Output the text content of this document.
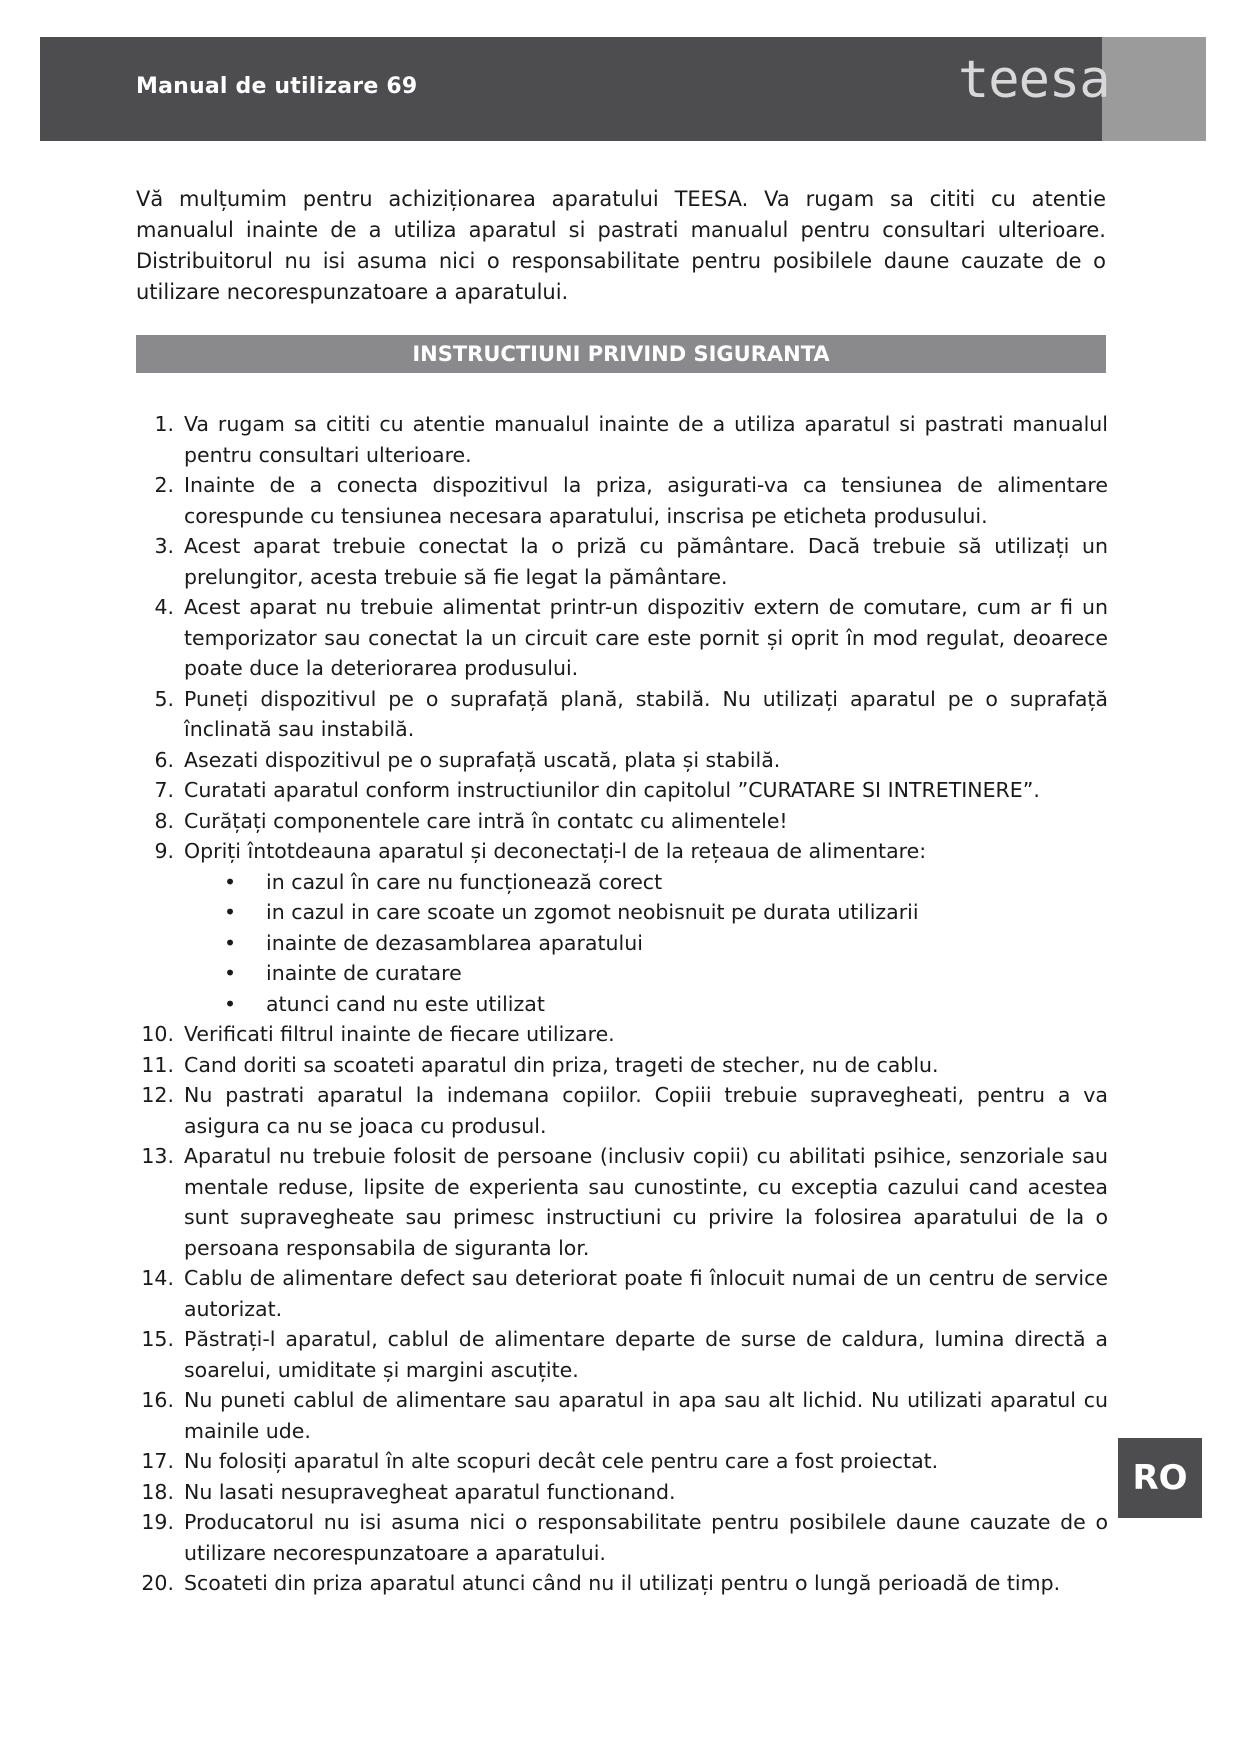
Manual de utilizare 69	teesa

Vă mulțumim pentru achiziționarea aparatului TEESA. Va rugam sa cititi cu atentie manualul inainte de a utiliza aparatul si pastrati manualul pentru consultari ulterioare. Distribuitorul nu isi asuma nici o responsabilitate pentru posibilele daune cauzate de o utilizare necorespunzatoare a aparatului.

INSTRUCTIUNI PRIVIND SIGURANTA
1. Va rugam sa cititi cu atentie manualul inainte de a utiliza aparatul si pastrati manualul pentru consultari ulterioare.
2. Inainte de a conecta dispozitivul la priza, asigurati-va ca tensiunea de alimentare corespunde cu tensiunea necesara aparatului, inscrisa pe eticheta produsului.
3. Acest aparat trebuie conectat la o priză cu pământare. Dacă trebuie să utilizați un prelungitor, acesta trebuie să fie legat la pământare.
4. Acest aparat nu trebuie alimentat printr-un dispozitiv extern de comutare, cum ar fi un temporizator sau conectat la un circuit care este pornit și oprit în mod regulat, deoarece poate duce la deteriorarea produsului.
5. Puneți dispozitivul pe o suprafață plană, stabilă. Nu utilizați aparatul pe o suprafață înclinată sau instabilă.
6. Asezati dispozitivul pe o suprafață uscată, plata și stabilă.
7. Curatati aparatul conform instructiunilor din capitolul ”CURATARE SI INTRETINERE”.
8. Curățați componentele care intră în contatc cu alimentele!
9. Opriți întotdeauna aparatul și deconectați-l de la rețeaua de alimentare:
• in cazul în care nu funcționează corect
• in cazul in care scoate un zgomot neobisnuit pe durata utilizarii
• inainte de dezasamblarea aparatului
• inainte de curatare
• atunci cand nu este utilizat
10. Verificati filtrul inainte de fiecare utilizare.
11. Cand doriti sa scoateti aparatul din priza, trageti de stecher, nu de cablu.
12. Nu pastrati aparatul la indemana copiilor. Copiii trebuie supravegheati, pentru a va asigura ca nu se joaca cu produsul.
13. Aparatul nu trebuie folosit de persoane (inclusiv copii) cu abilitati psihice, senzoriale sau mentale reduse, lipsite de experienta sau cunostinte, cu exceptia cazului cand acestea sunt supravegheate sau primesc instructiuni cu privire la folosirea aparatului de la o persoana responsabila de siguranta lor.
14. Cablu de alimentare defect sau deteriorat poate fi înlocuit numai de un centru de service autorizat.
15. Păstrați-l aparatul, cablul de alimentare departe de surse de caldura, lumina directă a soarelui, umiditate și margini ascuțite.
16. Nu puneti cablul de alimentare sau aparatul in apa sau alt lichid. Nu utilizati aparatul cu mainile ude.
17. Nu folosiți aparatul în alte scopuri decât cele pentru care a fost proiectat.
18. Nu lasati nesupravegheat aparatul functionand.
19. Producatorul nu isi asuma nici o responsabilitate pentru posibilele daune cauzate de o utilizare necorespunzatoare a aparatului.
20. Scoateti din priza aparatul atunci când nu il utilizați pentru o lungă perioadă de timp.
RO
